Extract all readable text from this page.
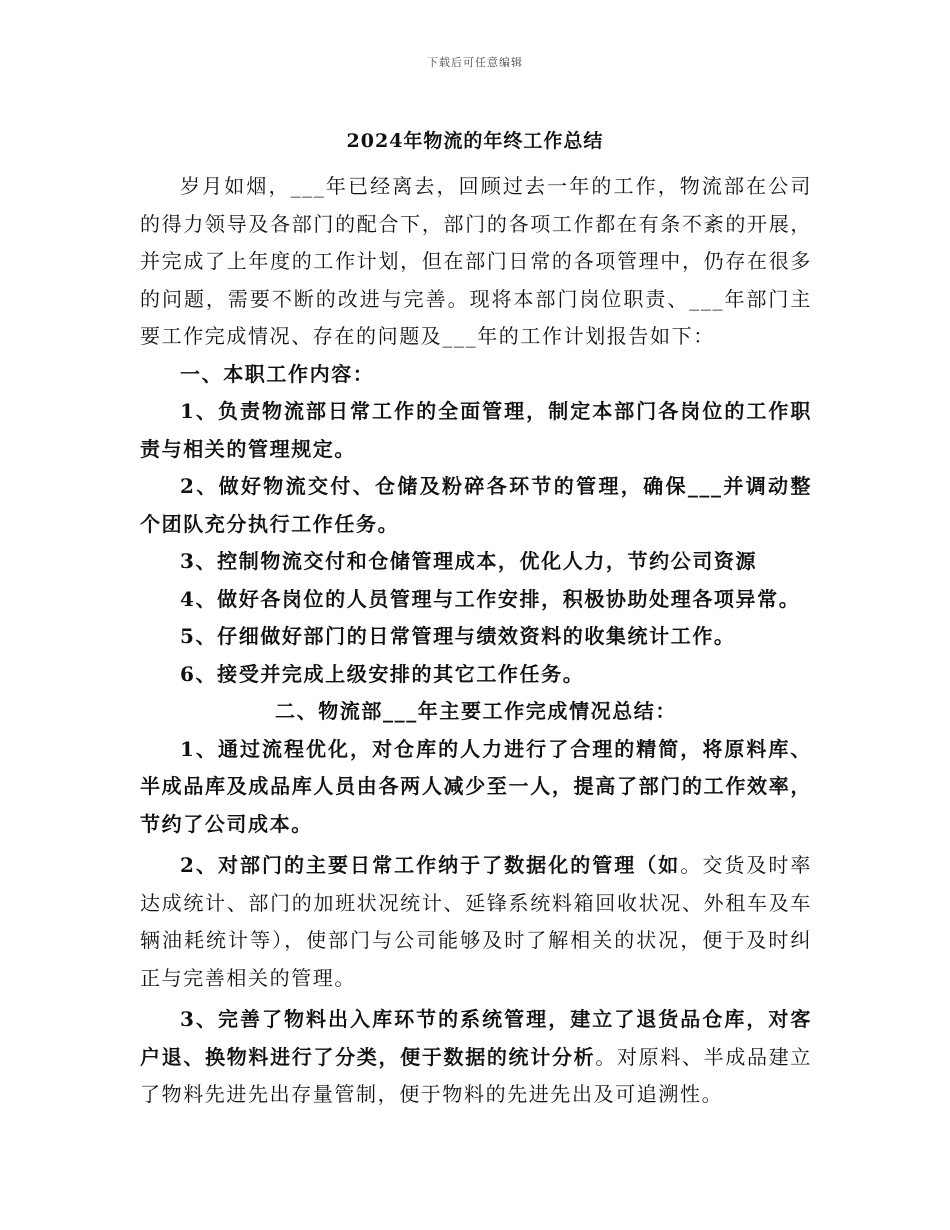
下载后可任意编辑
2024年物流的年终工作总结

岁月如烟，___年已经离去，回顾过去一年的工作，物流部在公司的得力领导及各部门的配合下，部门的各项工作都在有条不紊的开展，并完成了上年度的工作计划，但在部门日常的各项管理中，仍存在很多的问题，需要不断的改进与完善。现将本部门岗位职责、___年部门主要工作完成情况、存在的问题及___年的工作计划报告如下：

一、本职工作内容：

1、负责物流部日常工作的全面管理，制定本部门各岗位的工作职责与相关的管理规定。

2、做好物流交付、仓储及粉碎各环节的管理，确保___并调动整个团队充分执行工作任务。

3、控制物流交付和仓储管理成本，优化人力，节约公司资源

4、做好各岗位的人员管理与工作安排，积极协助处理各项异常。

5、仔细做好部门的日常管理与绩效资料的收集统计工作。

6、接受并完成上级安排的其它工作任务。

二、物流部___年主要工作完成情况总结：

1、通过流程优化，对仓库的人力进行了合理的精简，将原料库、半成品库及成品库人员由各两人减少至一人，提高了部门的工作效率，节约了公司成本。

2、对部门的主要日常工作纳于了数据化的管理（如。交货及时率达成统计、部门的加班状况统计、延锋系统料箱回收状况、外租车及车辆油耗统计等），使部门与公司能够及时了解相关的状况，便于及时纠正与完善相关的管理。

3、完善了物料出入库环节的系统管理，建立了退货品仓库，对客户退、换物料进行了分类，便于数据的统计分析。对原料、半成品建立了物料先进先出存量管制，便于物料的先进先出及可追溯性。
